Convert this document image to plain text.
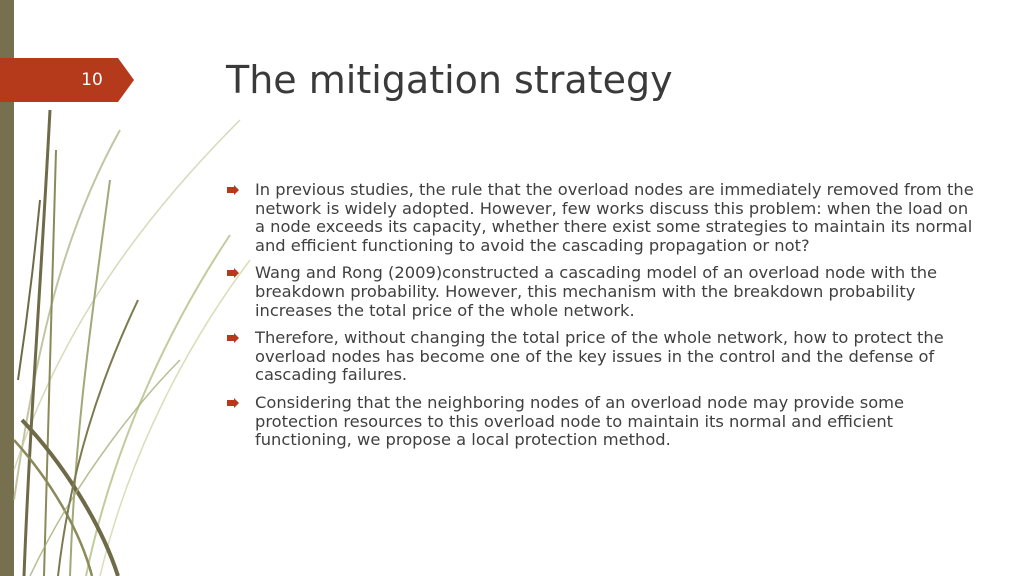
10	The mitigation strategy
In previous studies, the rule that the overload nodes are immediately removed from the network is widely adopted. However, few works discuss this problem: when the load on a node exceeds its capacity, whether there exist some strategies to maintain its normal and efficient functioning to avoid the cascading propagation or not?
Wang and Rong (2009)constructed a cascading model of an overload node with the breakdown probability. However, this mechanism with the breakdown probability increases the total price of the whole network.
Therefore, without changing the total price of the whole network, how to protect the overload nodes has become one of the key issues in the control and the defense of cascading failures.
Considering that the neighboring nodes of an overload node may provide some protection resources to this overload node to maintain its normal and efficient functioning, we propose a local protection method.
